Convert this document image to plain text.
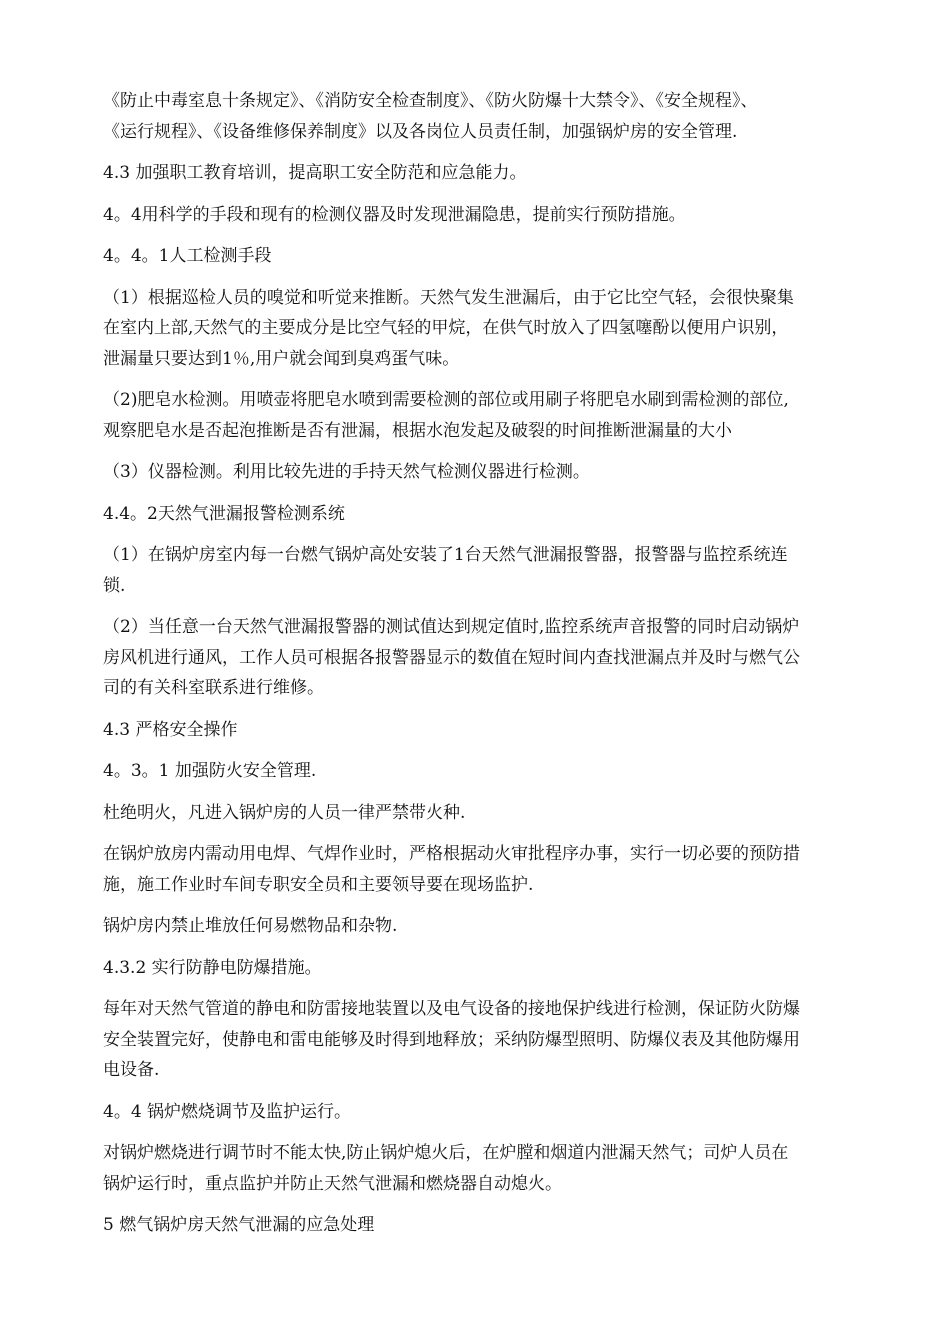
《防止中毒室息十条规定》、《消防安全检查制度》、《防火防爆十大禁令》、《安全规程》、
《运行规程》、《设备维修保养制度》以及各岗位人员责任制，加强锅炉房的安全管理.
4.3 加强职工教育培训，提高职工安全防范和应急能力。
4。4用科学的手段和现有的检测仪器及时发现泄漏隐患，提前实行预防措施。
4。4。1人工检测手段
（1）根据巡检人员的嗅觉和听觉来推断。天然气发生泄漏后，由于它比空气轻，会很快聚集
在室内上部,天然气的主要成分是比空气轻的甲烷，在供气时放入了四氢噻酚以便用户识别，
泄漏量只要达到1％,用户就会闻到臭鸡蛋气味。
（2)肥皂水检测。用喷壶将肥皂水喷到需要检测的部位或用刷子将肥皂水刷到需检测的部位,
观察肥皂水是否起泡推断是否有泄漏，根据水泡发起及破裂的时间推断泄漏量的大小
（3）仪器检测。利用比较先进的手持天然气检测仪器进行检测。
4.4。2天然气泄漏报警检测系统
（1）在锅炉房室内每一台燃气锅炉高处安装了1台天然气泄漏报警器，报警器与监控系统连
锁.
（2）当任意一台天然气泄漏报警器的测试值达到规定值时,监控系统声音报警的同时启动锅炉
房风机进行通风，工作人员可根据各报警器显示的数值在短时间内查找泄漏点并及时与燃气公
司的有关科室联系进行维修。
4.3 严格安全操作
4。3。1 加强防火安全管理.
杜绝明火，凡进入锅炉房的人员一律严禁带火种.
在锅炉放房内需动用电焊、气焊作业时，严格根据动火审批程序办事，实行一切必要的预防措
施，施工作业时车间专职安全员和主要领导要在现场监护.
锅炉房内禁止堆放任何易燃物品和杂物.
4.3.2 实行防静电防爆措施。
每年对天然气管道的静电和防雷接地装置以及电气设备的接地保护线进行检测，保证防火防爆
安全装置完好，使静电和雷电能够及时得到地释放；采纳防爆型照明、防爆仪表及其他防爆用
电设备.
4。4 锅炉燃烧调节及监护运行。
对锅炉燃烧进行调节时不能太快,防止锅炉熄火后，在炉膛和烟道内泄漏天然气；司炉人员在
锅炉运行时，重点监护并防止天然气泄漏和燃烧器自动熄火。
5 燃气锅炉房天然气泄漏的应急处理
